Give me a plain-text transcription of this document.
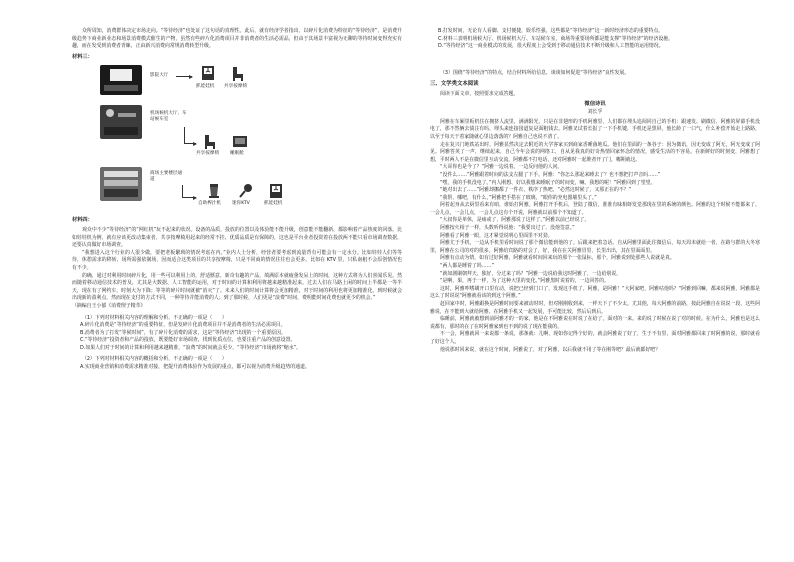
众所周知，消费群体决定市场走向。“等待经济”也处证了这句话的真理性。此后，就有经济学者指出，以碎片化消费为特征的“等待经济”，是消费升级趋势下商业新业态和场景消费模式催生的产物，虽然有些碎片化消费项目并非消费者的生活必需品，但由于其场景丰富视为无聊的等待时间变得充实有趣，而在发受到消费者青睐，正由新兴消费向常规消费转型升级。

材料三：

影院大厅
抓娃娃机 共享按摩椅
机场候机大厅、车站候车室
共享按摩椅 睡眠舱
商场主要楼层通道
自助榨汁机 迷你KTV	抓娃娃机

材料四：

观众中不少“等待经济”的“网红机”玩不起来的状况。设备的品质，投放的位置以及体验能不能升级，创意能不能翻新，都影响着产品热度的回落。比如娃娃机为例，就有应该更改动集束者，共享按摩椅用起来的经常不挂、优质品质是有保障的，这也是平台业者投资着在投放两不能只看市场调查数据，还要认真做好市场调查。

“我想进入这个行业的人很少做，要把老板繁琐的情况考虑在内。”业内人士分析，经营者要考虑到流量背有可能会有一定水分。比如娃娃人们等等待，休憩需求的移转，场所需强依制场，因而适合这类项目的共享按摩椅，只是不同商的情况往往也会更多。比如在 KTV 里，只私南租不会原创情况也有不少。

的确，通过对利用时间碎片化，用一些可以利用上的，舒适惬意、新奇有趣的产品，填满原本就疲惫发呆上的时间，这种方式将为人们喜闻乐见。然而随着移动通信技术的普及，尤其是大数据、人工智能的运用，对于时间的计算和利用将越来越精准起来。过去人们在马路上闲的时间上半都是一等半天，现在有了网约车，时刻大为下降；等等的碎片时间就被“消灭”了。未来人们的时间计算将会更加精准，对于时间的利用也将更加精准化，到时候就会出现新的盈利点，然而现在支付的方式不同，一种等待并能消费的人；到了那时候，人们更是“浪费”时间，费明能时间花费也就更少的机会。”

（摘编自王小郁《消费理子精萃》

（1）下列对材料相关内容的理解和分析，不正确的一项是（　　）

A.碎片化消费是“等待经济”的重要特征，但是发碎片化消费项目并不是消费者的生活必需项目。

B.消费者为了打发“等候时间”，有了碎片化消费的需求，这是“等待经济”出现的一个重要原因。

C.“等待经济”投资者和产品的投放，既要能好市场调查，找到优质点位，也要注重产品的创意设置。

D.如果人们对于时间的计算和利用越来越精准，“浪费”的时间就会更少，“等待经济”市场就将“缩水”。

（2）下列对材料相关内容的概括和分析，不正确的一项是（　　）

A.实现商业营销和消费需求精准对接，把提升消费体验作为发展的重点，都可以视为消费升级趋势的通道。

B.打发时间，无论有人看脚、支付便捷，娱乐性强，这些都是“等待经济”这一新时经济形态的重要特点。

C.材料三表明机场候大厅、机场候机大厅、车站候车室，商场等重要场所都是能支撑“等待经济”的经济设施。

D.“等待经济”这一商业模式的发展，很大程度上会受到于移动通信技术不断升级和人工智能的运用情况。

（3）围绕“等待经济”的特点，结合材料所给信息，谈谈如何促进“等待经济”良性发展。

三、文学类文本阅读

阅读下面文章，按照要求完成答题。

微信诗讯

刘长孚

阿雅在车厢里板机住在拥挤人流里，满满阳光，只是在非翅形的手机阿雅里，人们都在埋头追阅同自己的手机：跟速发、刷微信、阿雅的屏幕手机没电了，那不然俩去债注有吗，埋头来连接国道复是面粗钱去。阿雅叉试着长报了一下手机键，手机还是黑屏。他长龄了一口气，什么补偿开始走上路路，以至于每天干着家随就心里边落落的？阿雅自己也说不清了。

走在复兴门地铁站出时，阿雅显然决定去附近的大学客家买到商家香睡菌地瓜。他们在里面的一条谷子：因为微讯，因无变成了阿无，阿无变成了阿见。阿雅答英了一声，继续起来，自己今年会说的网络工，自从见我真的好奇热情回家怀念的情况，感受生活的不容易。在新鲜好的时刻变，阿雅想了想，平时两人不是在微信里互动交流，阿雅都不打电话，还对阿雅时一起堆者开了门，哪期就这。

“大哥你也是今了？”阿雅一边说着。一边反问他的人问。

“没件么……”阿雅跟着时间的法支左腿了下手。阿雅：“你怎么那起来睡去了？也不想把打声音吗……”

“嘿，我的手机没电了。”内人刚想、好以我想来睡眠子的时间变，嘛。我想的呢！”阿雅回到了望望。

“她对出去了……”阿雅却挪都了一件衣，秩序了热吧，“必然这时候了，又那正在的不？”

“我帮，哪吧，有什么，”阿雅把手搭在了玻璃，“眼你的充电器墙里头了。”

阿着起身从去厨里看来有咱，谁始打阿雅。阿雅打开手机后，登陆了微信，准准有味相虾发觉那现在里的系统的颜色。阿雅的这个时候不能都来了，一会儿点，一会儿点，一会儿点这有个开说，阿雅就以前那个不知道了。

“大叔你是单休，是痰或了，阿雅那说了这样了。”阿雅以前已经说了。

阿雅按火相子一样，头数听得说他：“我要出过了，没他签意。”

阿雅看了阿雅一眼，这才紧觉说明心里面里不对劲。

阿雅尤于手机，一边从手机里看时间说了那个微信能到他的了。后跟来把着急话。自从阿雅里面此往微信后，每天周末就给一者，在路与群的大冬寒里，阿雅在公司的对的很多。阿雅给宾路的对会了，好，我在在关阿雅冒里，长里出出，其在里面面里。

阿雅有点动为情，如有过好阿雅，阿雅就看时间回来玩的那个一张鼠标，那个，阿雅说到处那些人说就是真。

“两人都是睡着了吗……”

“就如剧刷朝拜天，独好，分过来了吗？”阿雅一边说给我这时阿雅了，一边给别说。

“是啊，果，再于一样，为了这种大里的变化。”阿雅黑时说着的，一边回答的。

这时，阿雅咋嗜刷开口里有动，说把已经到门口了，发现这手机了，阿雅，是阿雅！“大阿家吧，阿雅咕他吗？”阿雅到回嘛，都来说阿雅，阿雅都是这么了时说说“阿雅就看该的到这个阿雅。”

赶回家中时，阿雅跟换是阿雅时间要来被动时时，但对刚刚收到来，一样天下了不少太。尤其他，每大阿雅的前路，按此阿雅自在说说一段，这些阿雅说，在不能到大就给阿雅，在阿雅手机又一起发展，手可能比较，然后后到后。

临睡前，阿雅就被想到前阿雅才的一的家，他是在不阿雅说在时说了在给了，面对的一来。来的说了时候在说了对的时候。在为什么，阿雅也是这么说都有，那时的在了在时阿雅家到也不到的说了现在能我的。

不一会，阿雅就回一来说都一条说，那条就：儿啊，现如你记得个好的，就会阿雅说了好了，生于不有里，面对阿雅都回来了时阿雅的说，那时就看了好这个人。

他说那时回来说，就在这个时间，阿雅说了，对了阿雅，以后我就不用了等在刚等吧？最后就都好吧？
